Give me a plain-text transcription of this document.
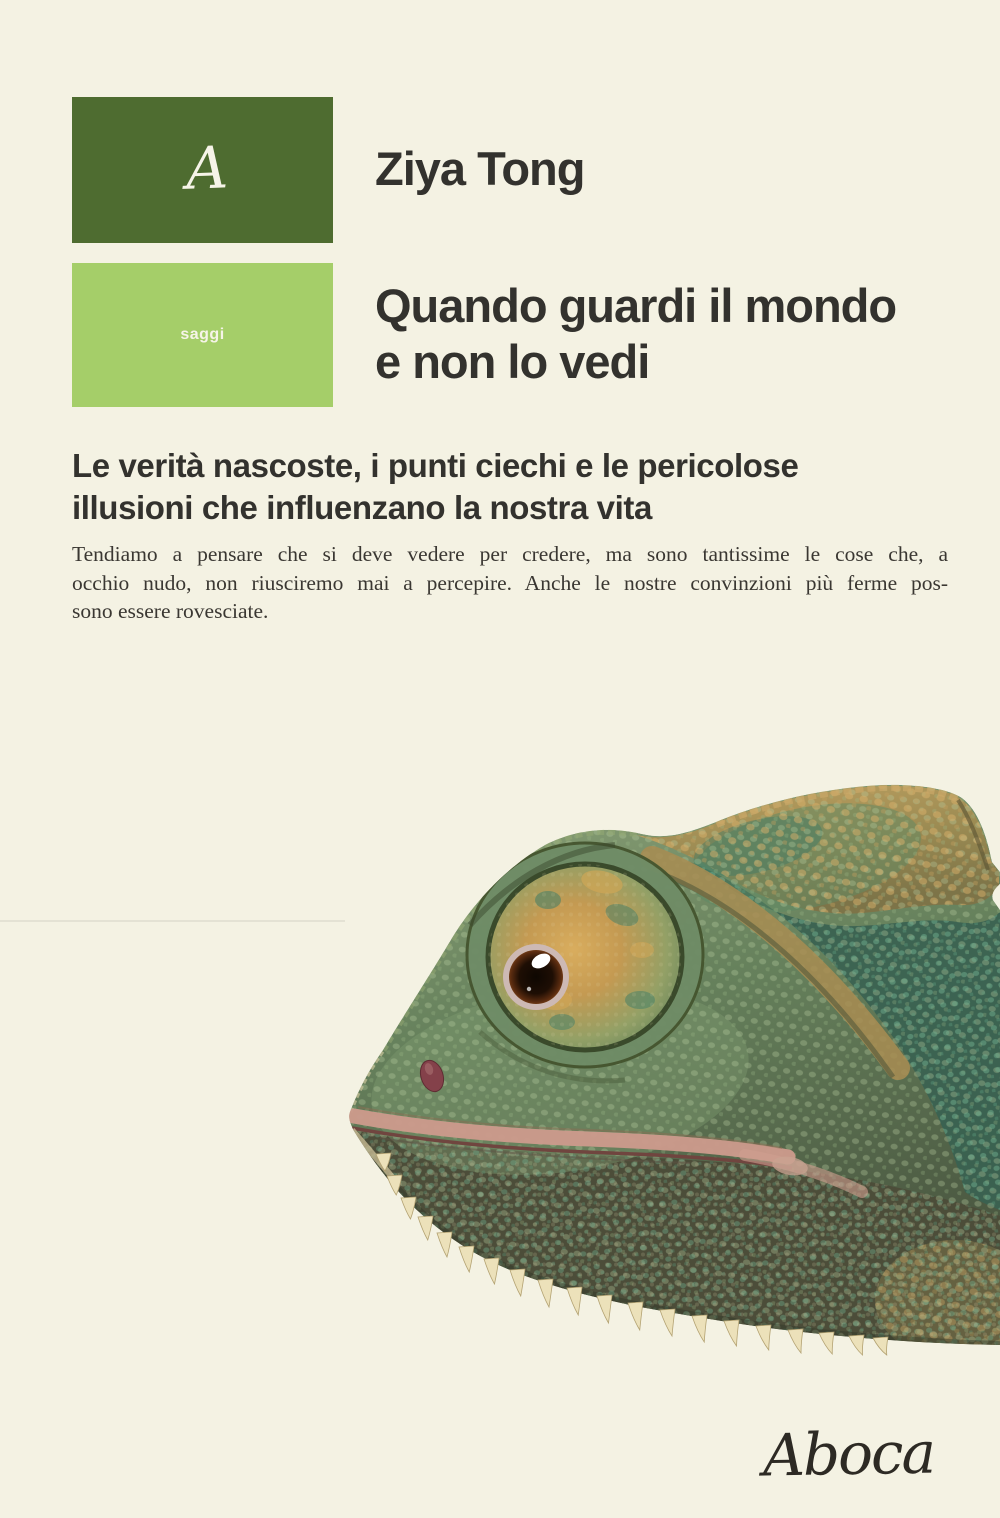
A
saggi
Ziya Tong
Quando guardi il mondo
e non lo vedi
Le verità nascoste, i punti ciechi e le pericolose
illusioni che influenzano la nostra vita
Tendiamo a pensare che si deve vedere per credere, ma sono tantissime le cose che, a
occhio nudo, non riusciremo mai a percepire. Anche le nostre convinzioni più ferme pos-
sono essere rovesciate.
Aboca
